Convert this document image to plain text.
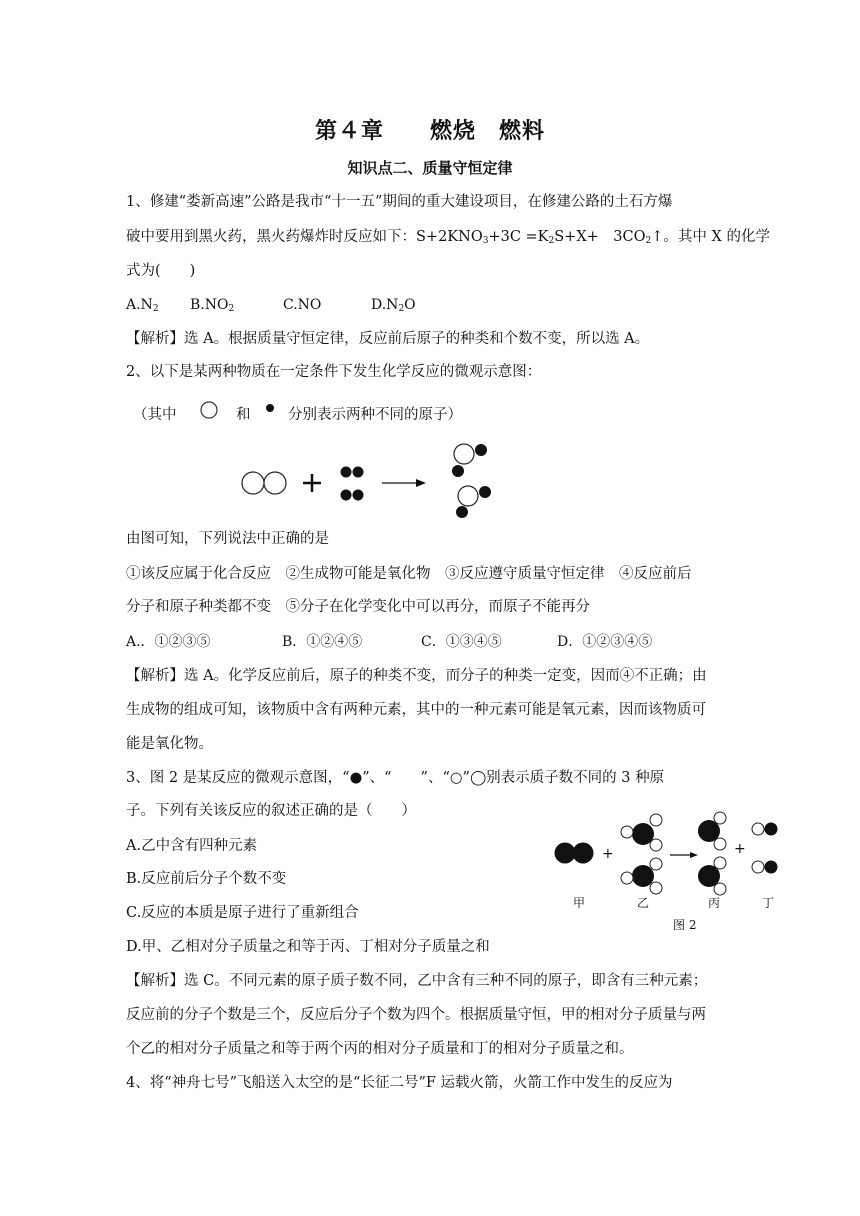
第４章　　燃烧　燃料
知识点二、质量守恒定律
1、修建“娄新高速”公路是我市“十一五”期间的重大建设项目，在修建公路的土石方爆
破中要用到黑火药，黑火药爆炸时反应如下：$S+2KNO_3+3C =K_2S+X+$　$3CO_2↑$。其中 X 的化学
式为(　　)
$A.N_2$ $B.NO_2$	C.NO	$D.N_2O$
【解析】选 A。根据质量守恒定律，反应前后原子的种类和个数不变，所以选 A。
2、以下是某两种物质在一定条件下发生化学反应的微观示意图：
（其中	和	分别表示两种不同的原子）
由图可知，下列说法中正确的是
①该反应属于化合反应　②生成物可能是氧化物　③反应遵守质量守恒定律　④反应前后
分子和原子种类都不变　⑤分子在化学变化中可以再分，而原子不能再分
A.．①②③⑤	B．①②④⑤	C．①③④⑤	D．①②③④⑤
【解析】选 A。化学反应前后，原子的种类不变，而分子的种类一定变，因而④不正确；由
生成物的组成可知，该物质中含有两种元素，其中的一种元素可能是氧元素，因而该物质可
能是氧化物。
3、图 2 是某反应的微观示意图，“●”、“　　”、“○”◯别表示质子数不同的 3 种原
子。下列有关该反应的叙述正确的是（　　）
A.乙中含有四种元素
B.反应前后分子个数不变
C.反应的本质是原子进行了重新组合
D.甲、乙相对分子质量之和等于丙、丁相对分子质量之和
+	+
甲	乙	丙	丁
图 2
【解析】选 C。不同元素的原子质子数不同，乙中含有三种不同的原子，即含有三种元素；
反应前的分子个数是三个，反应后分子个数为四个。根据质量守恒，甲的相对分子质量与两
个乙的相对分子质量之和等于两个丙的相对分子质量和丁的相对分子质量之和。
4、将“神舟七号”飞船送入太空的是“长征二号”F 运载火箭，火箭工作中发生的反应为
